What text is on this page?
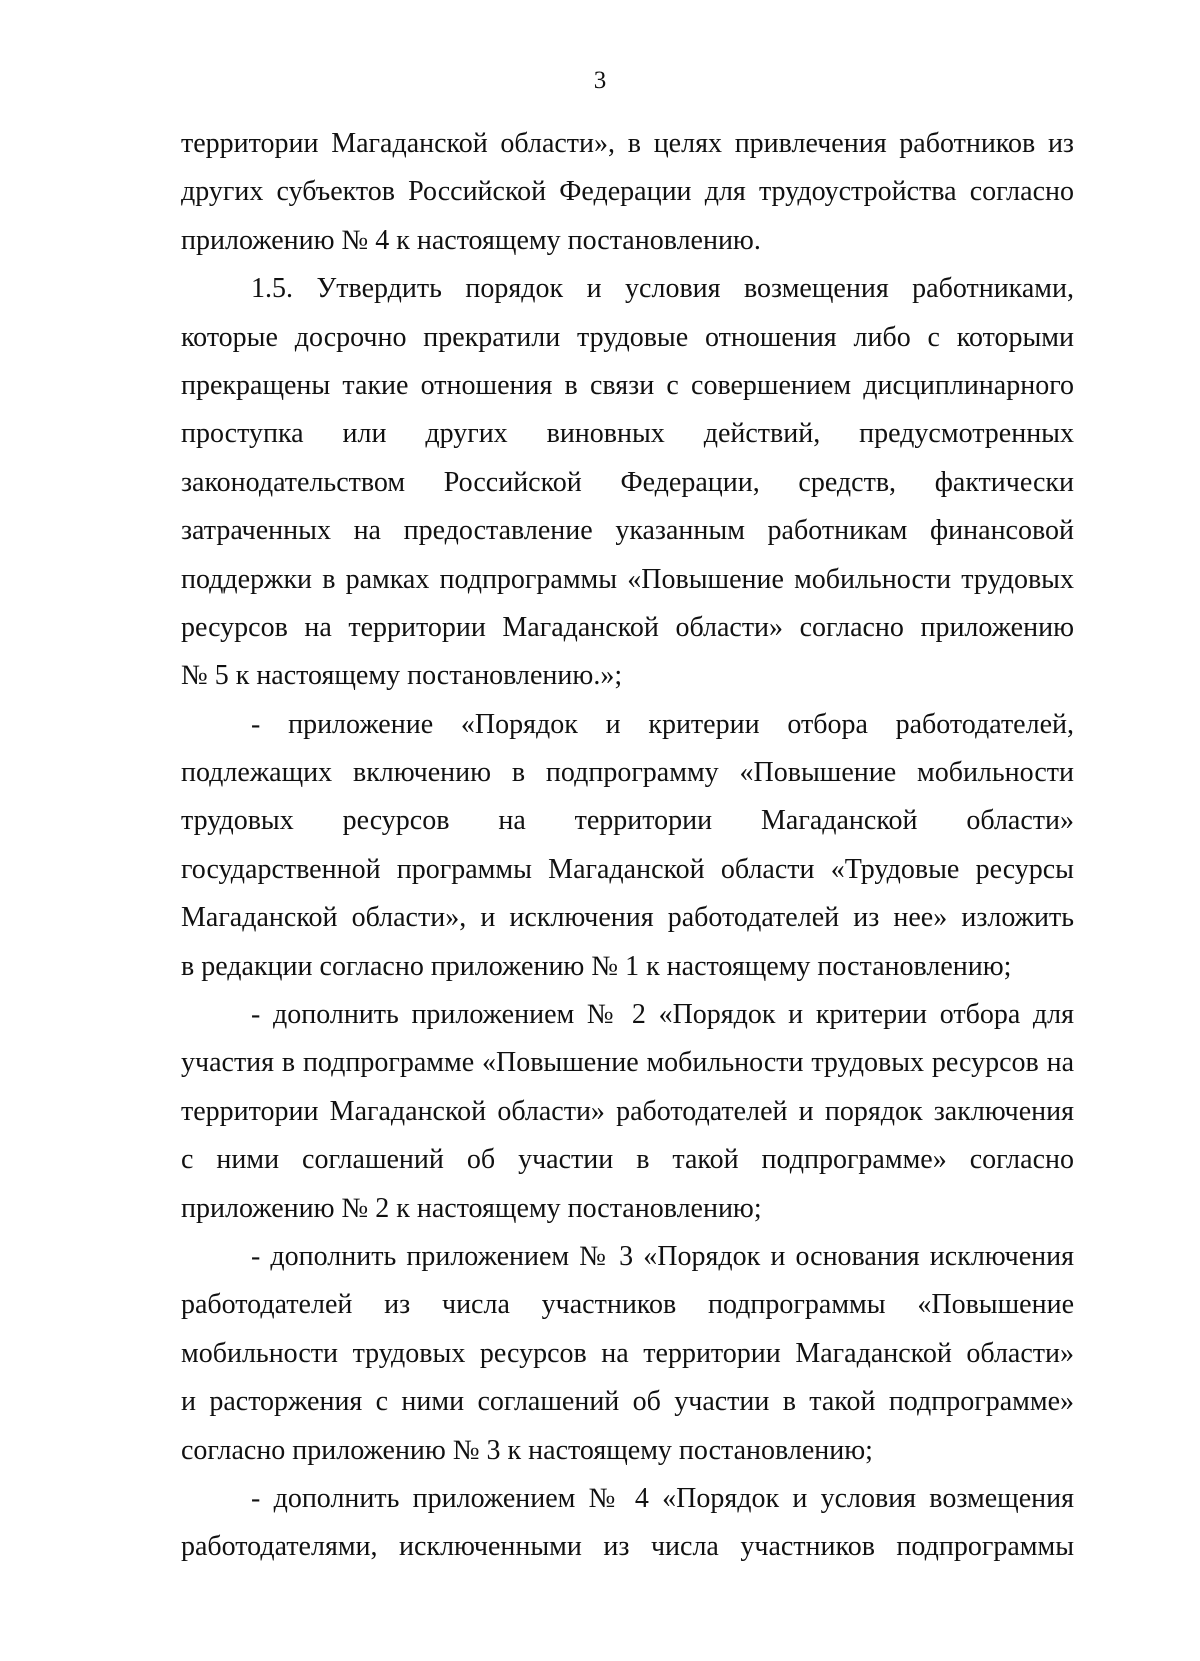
3
территории Магаданской области», в целях привлечения работников из
других субъектов Российской Федерации для трудоустройства согласно
приложению № 4 к настоящему постановлению.
1.5. Утвердить порядок и условия возмещения работниками,
которые досрочно прекратили трудовые отношения либо с которыми
прекращены такие отношения в связи с совершением дисциплинарного
проступка или других виновных действий, предусмотренных
законодательством Российской Федерации, средств, фактически
затраченных на предоставление указанным работникам финансовой
поддержки в рамках подпрограммы «Повышение мобильности трудовых
ресурсов на территории Магаданской области» согласно приложению
№ 5 к настоящему постановлению.»;
- приложение «Порядок и критерии отбора работодателей,
подлежащих включению в подпрограмму «Повышение мобильности
трудовых ресурсов на территории Магаданской области»
государственной программы Магаданской области «Трудовые ресурсы
Магаданской области», и исключения работодателей из нее» изложить
в редакции согласно приложению № 1 к настоящему постановлению;
- дополнить приложением № 2 «Порядок и критерии отбора для
участия в подпрограмме «Повышение мобильности трудовых ресурсов на
территории Магаданской области» работодателей и порядок заключения
с ними соглашений об участии в такой подпрограмме» согласно
приложению № 2 к настоящему постановлению;
- дополнить приложением № 3 «Порядок и основания исключения
работодателей из числа участников подпрограммы «Повышение
мобильности трудовых ресурсов на территории Магаданской области»
и расторжения с ними соглашений об участии в такой подпрограмме»
согласно приложению № 3 к настоящему постановлению;
- дополнить приложением № 4 «Порядок и условия возмещения
работодателями, исключенными из числа участников подпрограммы
